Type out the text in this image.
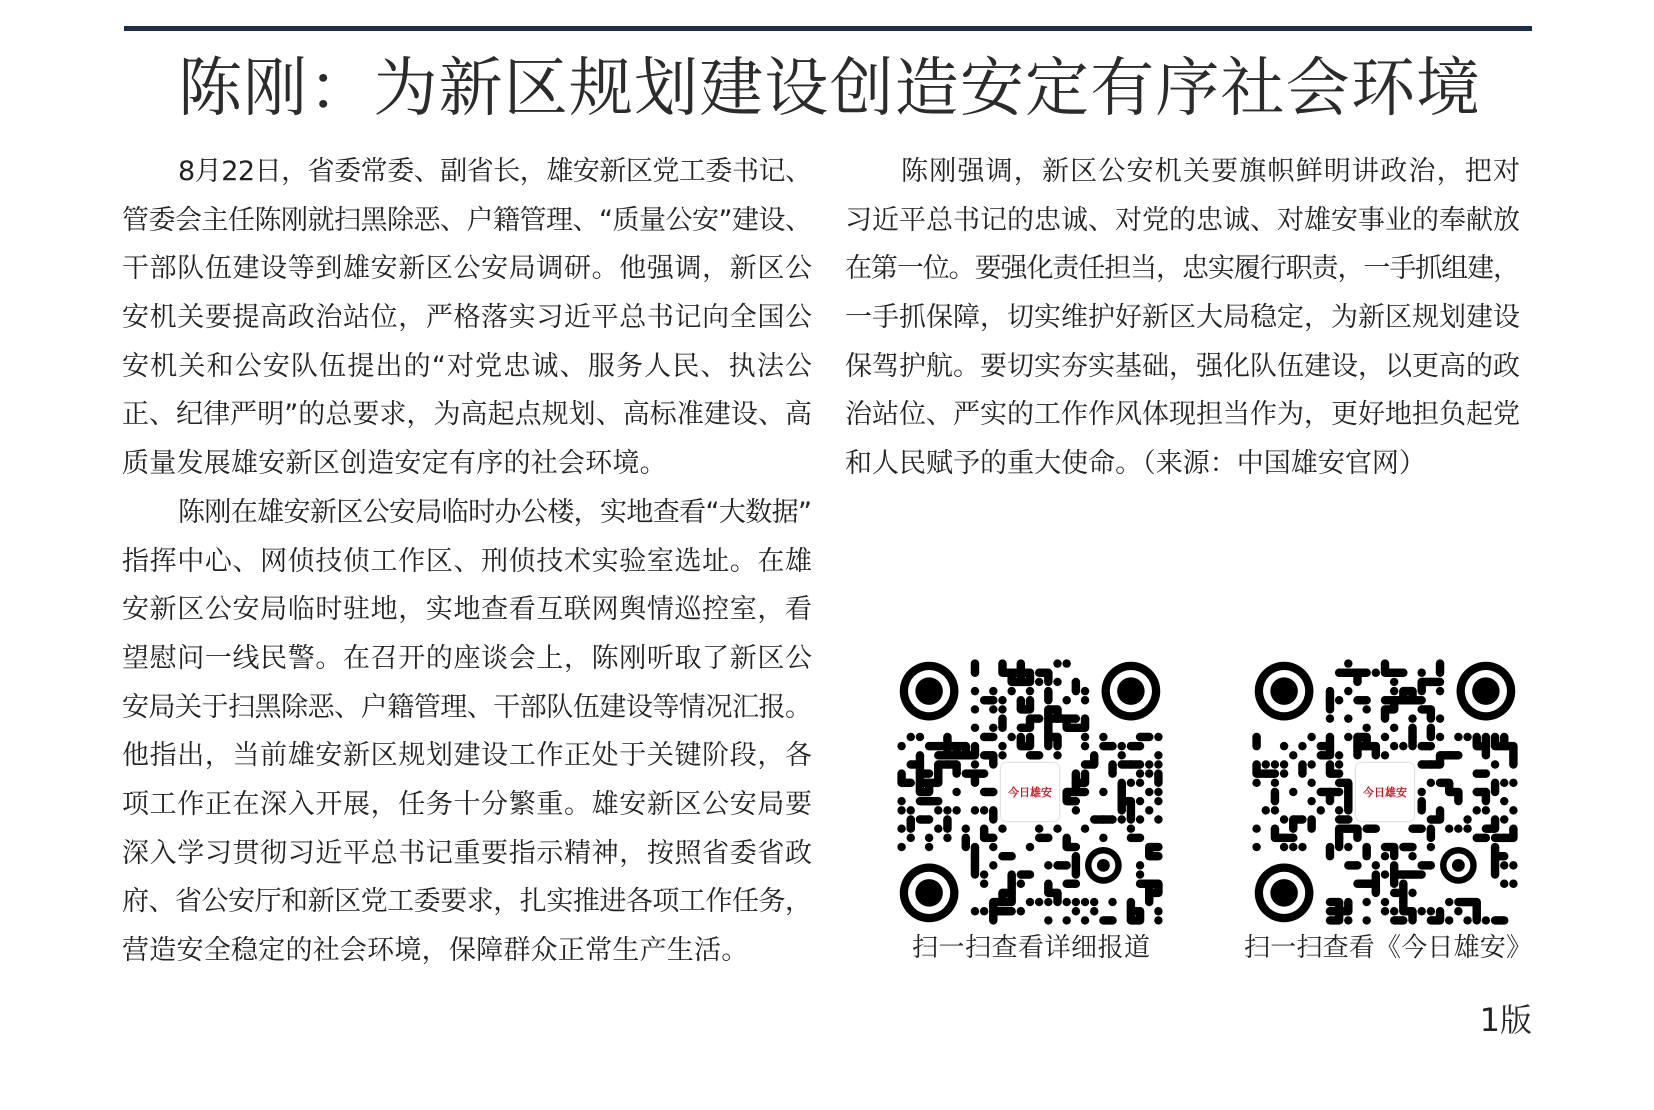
陈刚：为新区规划建设创造安定有序社会环境
8月22日，省委常委、副省长，雄安新区党工委书记、
管委会主任陈刚就扫黑除恶、户籍管理、“质量公安”建设、
干部队伍建设等到雄安新区公安局调研。他强调，新区公
安机关要提高政治站位，严格落实习近平总书记向全国公
安机关和公安队伍提出的“对党忠诚、服务人民、执法公
正、纪律严明”的总要求，为高起点规划、高标准建设、高
质量发展雄安新区创造安定有序的社会环境。
陈刚在雄安新区公安局临时办公楼，实地查看“大数据”
指挥中心、网侦技侦工作区、刑侦技术实验室选址。在雄
安新区公安局临时驻地，实地查看互联网舆情巡控室，看
望慰问一线民警。在召开的座谈会上，陈刚听取了新区公
安局关于扫黑除恶、户籍管理、干部队伍建设等情况汇报。
他指出，当前雄安新区规划建设工作正处于关键阶段，各
项工作正在深入开展，任务十分繁重。雄安新区公安局要
深入学习贯彻习近平总书记重要指示精神，按照省委省政
府、省公安厅和新区党工委要求，扎实推进各项工作任务，
营造安全稳定的社会环境，保障群众正常生产生活。
陈刚强调，新区公安机关要旗帜鲜明讲政治，把对
习近平总书记的忠诚、对党的忠诚、对雄安事业的奉献放
在第一位。要强化责任担当，忠实履行职责，一手抓组建，
一手抓保障，切实维护好新区大局稳定，为新区规划建设
保驾护航。要切实夯实基础，强化队伍建设，以更高的政
治站位、严实的工作作风体现担当作为，更好地担负起党
和人民赋予的重大使命。（来源：中国雄安官网）
今日雄安
扫一扫查看详细报道
今日雄安
扫一扫查看《今日雄安》
1版
